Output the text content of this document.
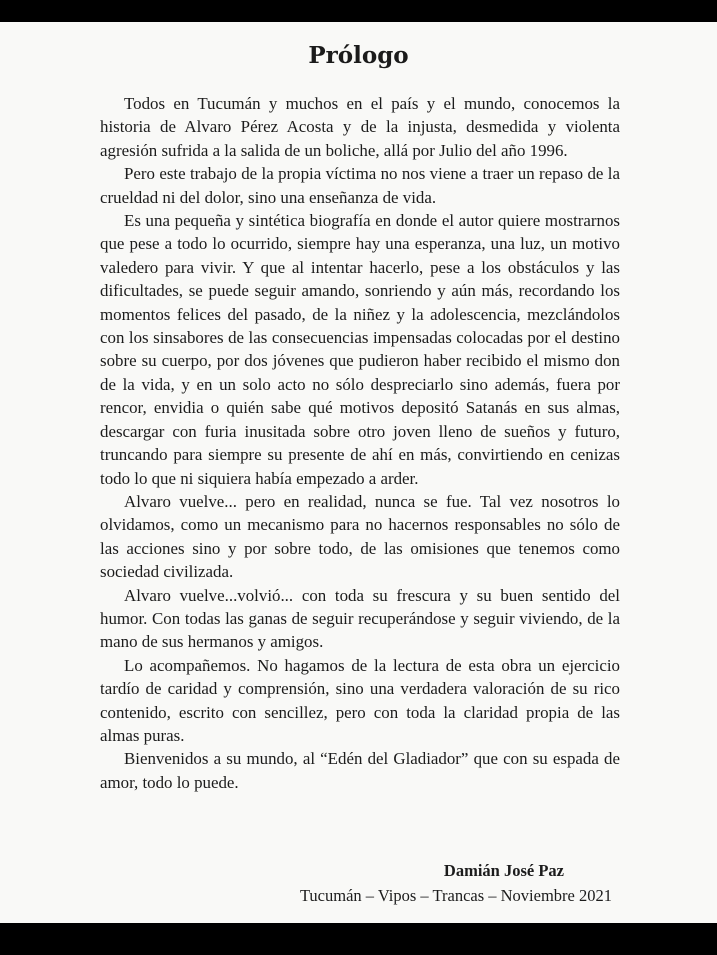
Prólogo

Todos en Tucumán y muchos en el país y el mundo, conocemos la historia de Alvaro Pérez Acosta y de la injusta, desmedida y violenta agresión sufrida a la salida de un boliche, allá por Julio del año 1996.

Pero este trabajo de la propia víctima no nos viene a traer un repaso de la crueldad ni del dolor, sino una enseñanza de vida.

Es una pequeña y sintética biografía en donde el autor quiere mostrarnos que pese a todo lo ocurrido, siempre hay una esperanza, una luz, un motivo valedero para vivir. Y que al intentar hacerlo, pese a los obstáculos y las dificultades, se puede seguir amando, sonriendo y aún más, recordando los momentos felices del pasado, de la niñez y la adolescencia, mezclándolos con los sinsabores de las consecuencias impensadas colocadas por el destino sobre su cuerpo, por dos jóvenes que pudieron haber recibido el mismo don de la vida, y en un solo acto no sólo despreciarlo sino además, fuera por rencor, envidia o quién sabe qué motivos depositó Satanás en sus almas, descargar con furia inusitada sobre otro joven lleno de sueños y futuro, truncando para siempre su presente de ahí en más, convirtiendo en cenizas todo lo que ni siquiera había empezado a arder.

Alvaro vuelve... pero en realidad, nunca se fue. Tal vez nosotros lo olvidamos, como un mecanismo para no hacernos responsables no sólo de las acciones sino y por sobre todo, de las omisiones que tenemos como sociedad civilizada.

Alvaro vuelve...volvió... con toda su frescura y su buen sentido del humor. Con todas las ganas de seguir recuperándose y seguir viviendo, de la mano de sus hermanos y amigos.

Lo acompañemos. No hagamos de la lectura de esta obra un ejercicio tardío de caridad y comprensión, sino una verdadera valoración de su rico contenido, escrito con sencillez, pero con toda la claridad propia de las almas puras.

Bienvenidos a su mundo, al “Edén del Gladiador” que con su espada de amor, todo lo puede.

Damián José Paz
Tucumán – Vipos – Trancas – Noviembre 2021
